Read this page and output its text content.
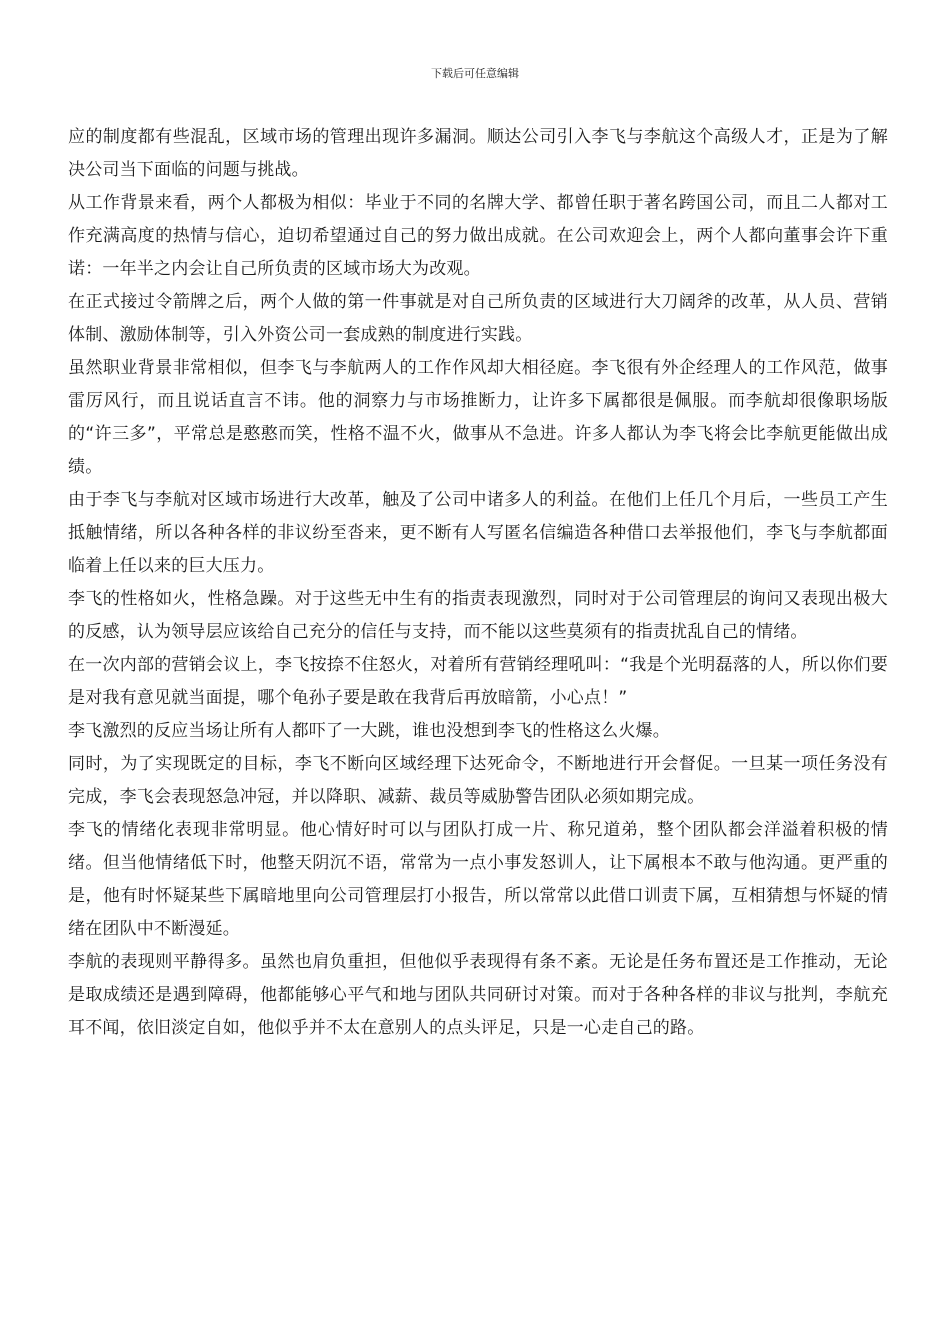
下载后可任意编辑

应的制度都有些混乱，区域市场的管理出现许多漏洞。顺达公司引入李飞与李航这个高级人才，正是为了解决公司当下面临的问题与挑战。

从工作背景来看，两个人都极为相似：毕业于不同的名牌大学、都曾任职于著名跨国公司，而且二人都对工作充满高度的热情与信心，迫切希望通过自己的努力做出成就。在公司欢迎会上，两个人都向董事会许下重诺：一年半之内会让自己所负责的区域市场大为改观。

在正式接过令箭牌之后，两个人做的第一件事就是对自己所负责的区域进行大刀阔斧的改革，从人员、营销体制、激励体制等，引入外资公司一套成熟的制度进行实践。

虽然职业背景非常相似，但李飞与李航两人的工作作风却大相径庭。李飞很有外企经理人的工作风范，做事雷厉风行，而且说话直言不讳。他的洞察力与市场推断力，让许多下属都很是佩服。而李航却很像职场版的“许三多”，平常总是憨憨而笑，性格不温不火，做事从不急进。许多人都认为李飞将会比李航更能做出成绩。

由于李飞与李航对区域市场进行大改革，触及了公司中诸多人的利益。在他们上任几个月后，一些员工产生抵触情绪，所以各种各样的非议纷至沓来，更不断有人写匿名信编造各种借口去举报他们，李飞与李航都面临着上任以来的巨大压力。

李飞的性格如火，性格急躁。对于这些无中生有的指责表现激烈，同时对于公司管理层的询问又表现出极大的反感，认为领导层应该给自己充分的信任与支持，而不能以这些莫须有的指责扰乱自己的情绪。

在一次内部的营销会议上，李飞按捺不住怒火，对着所有营销经理吼叫：“我是个光明磊落的人，所以你们要是对我有意见就当面提，哪个龟孙子要是敢在我背后再放暗箭，小心点！”

李飞激烈的反应当场让所有人都吓了一大跳，谁也没想到李飞的性格这么火爆。

同时，为了实现既定的目标，李飞不断向区域经理下达死命令，不断地进行开会督促。一旦某一项任务没有完成，李飞会表现怒急冲冠，并以降职、减薪、裁员等威胁警告团队必须如期完成。

李飞的情绪化表现非常明显。他心情好时可以与团队打成一片、称兄道弟，整个团队都会洋溢着积极的情绪。但当他情绪低下时，他整天阴沉不语，常常为一点小事发怒训人，让下属根本不敢与他沟通。更严重的是，他有时怀疑某些下属暗地里向公司管理层打小报告，所以常常以此借口训责下属，互相猜想与怀疑的情绪在团队中不断漫延。

李航的表现则平静得多。虽然也肩负重担，但他似乎表现得有条不紊。无论是任务布置还是工作推动，无论是取成绩还是遇到障碍，他都能够心平气和地与团队共同研讨对策。而对于各种各样的非议与批判，李航充耳不闻，依旧淡定自如，他似乎并不太在意别人的点头评足，只是一心走自己的路。
